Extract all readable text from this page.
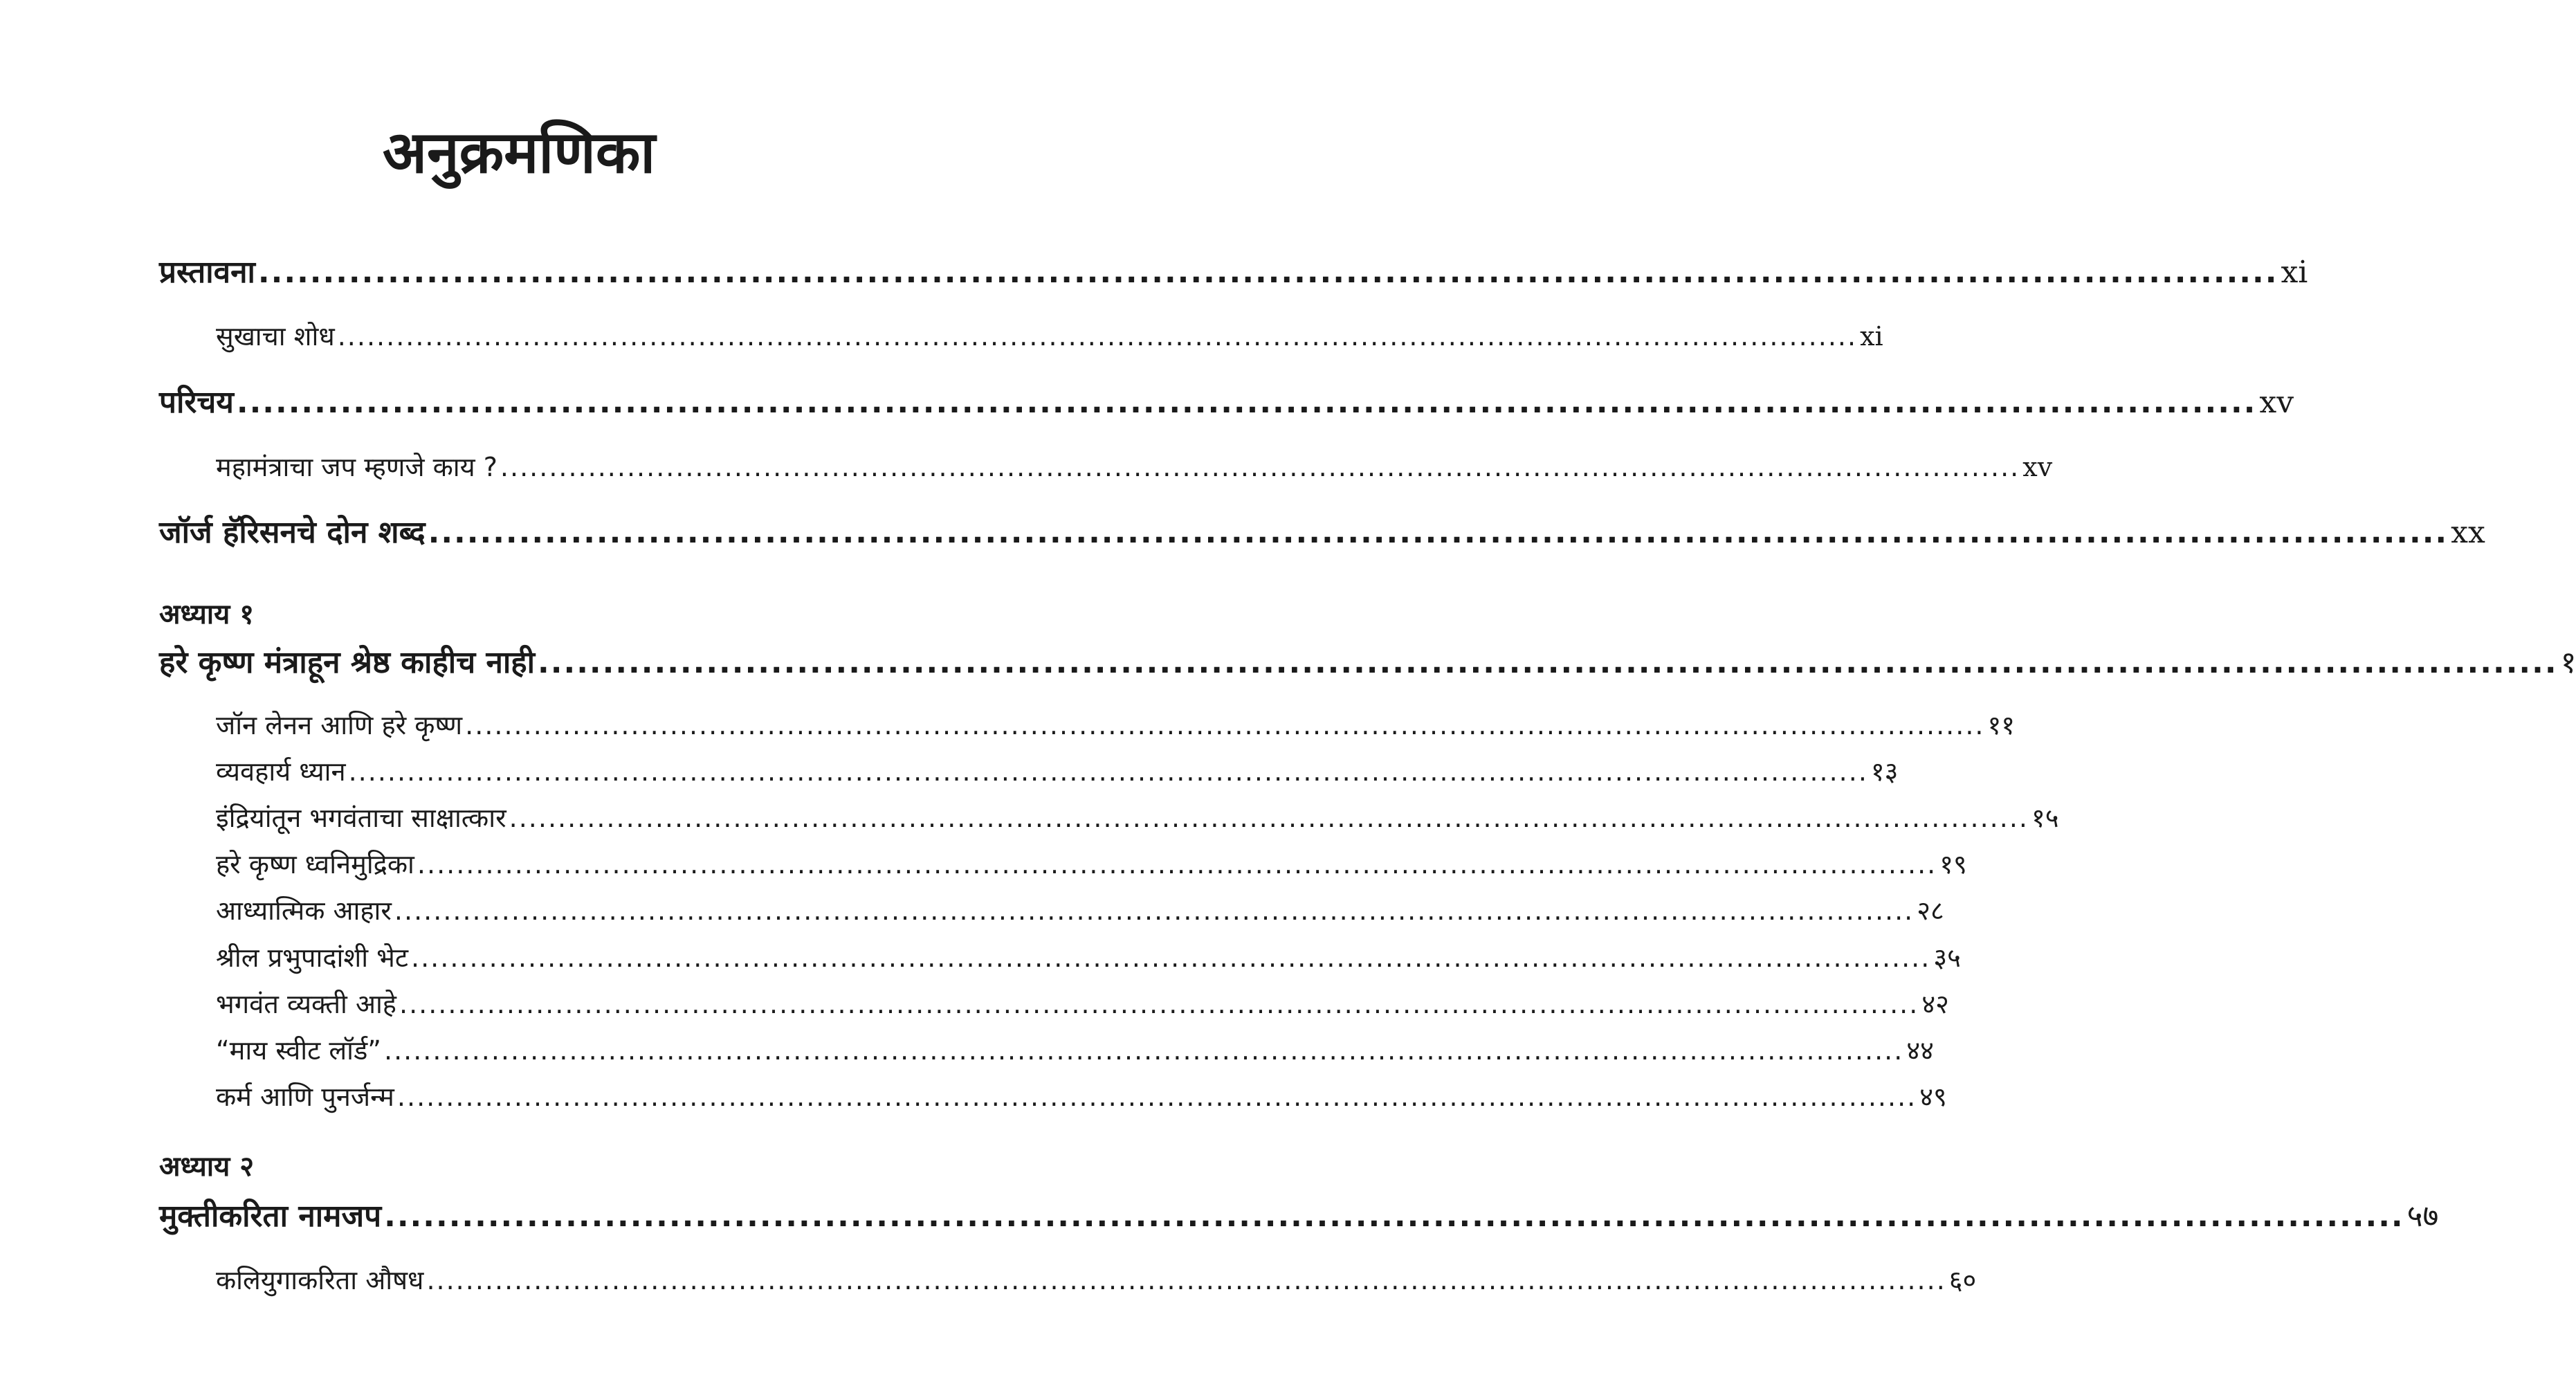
अनुक्रमणिका
प्रस्तावना ............................................................................................................................................................ xi
सुखाचा शोध ............................................................................................................................................................ xi
परिचय ............................................................................................................................................................ xv
महामंत्राचा जप म्हणजे काय ? ............................................................................................................................................................ xv
जॉर्ज हॅरिसनचे दोन शब्द ............................................................................................................................................................ xx
अध्याय १
हरे कृष्ण मंत्राहून श्रेष्ठ काहीच नाही ............................................................................................................................................................ १
जॉन लेनन आणि हरे कृष्ण ............................................................................................................................................................ ११
व्यवहार्य ध्यान ............................................................................................................................................................ १३
इंद्रियांतून भगवंताचा साक्षात्कार ............................................................................................................................................................ १५
हरे कृष्ण ध्वनिमुद्रिका ............................................................................................................................................................ १९
आध्यात्मिक आहार ............................................................................................................................................................ २८
श्रील प्रभुपादांशी भेट ............................................................................................................................................................ ३५
भगवंत व्यक्ती आहे ............................................................................................................................................................ ४२
“माय स्वीट लॉर्ड” ............................................................................................................................................................ ४४
कर्म आणि पुनर्जन्म ............................................................................................................................................................ ४९
अध्याय २
मुक्तीकरिता नामजप ............................................................................................................................................................ ५७
कलियुगाकरिता औषध ............................................................................................................................................................ ६०
